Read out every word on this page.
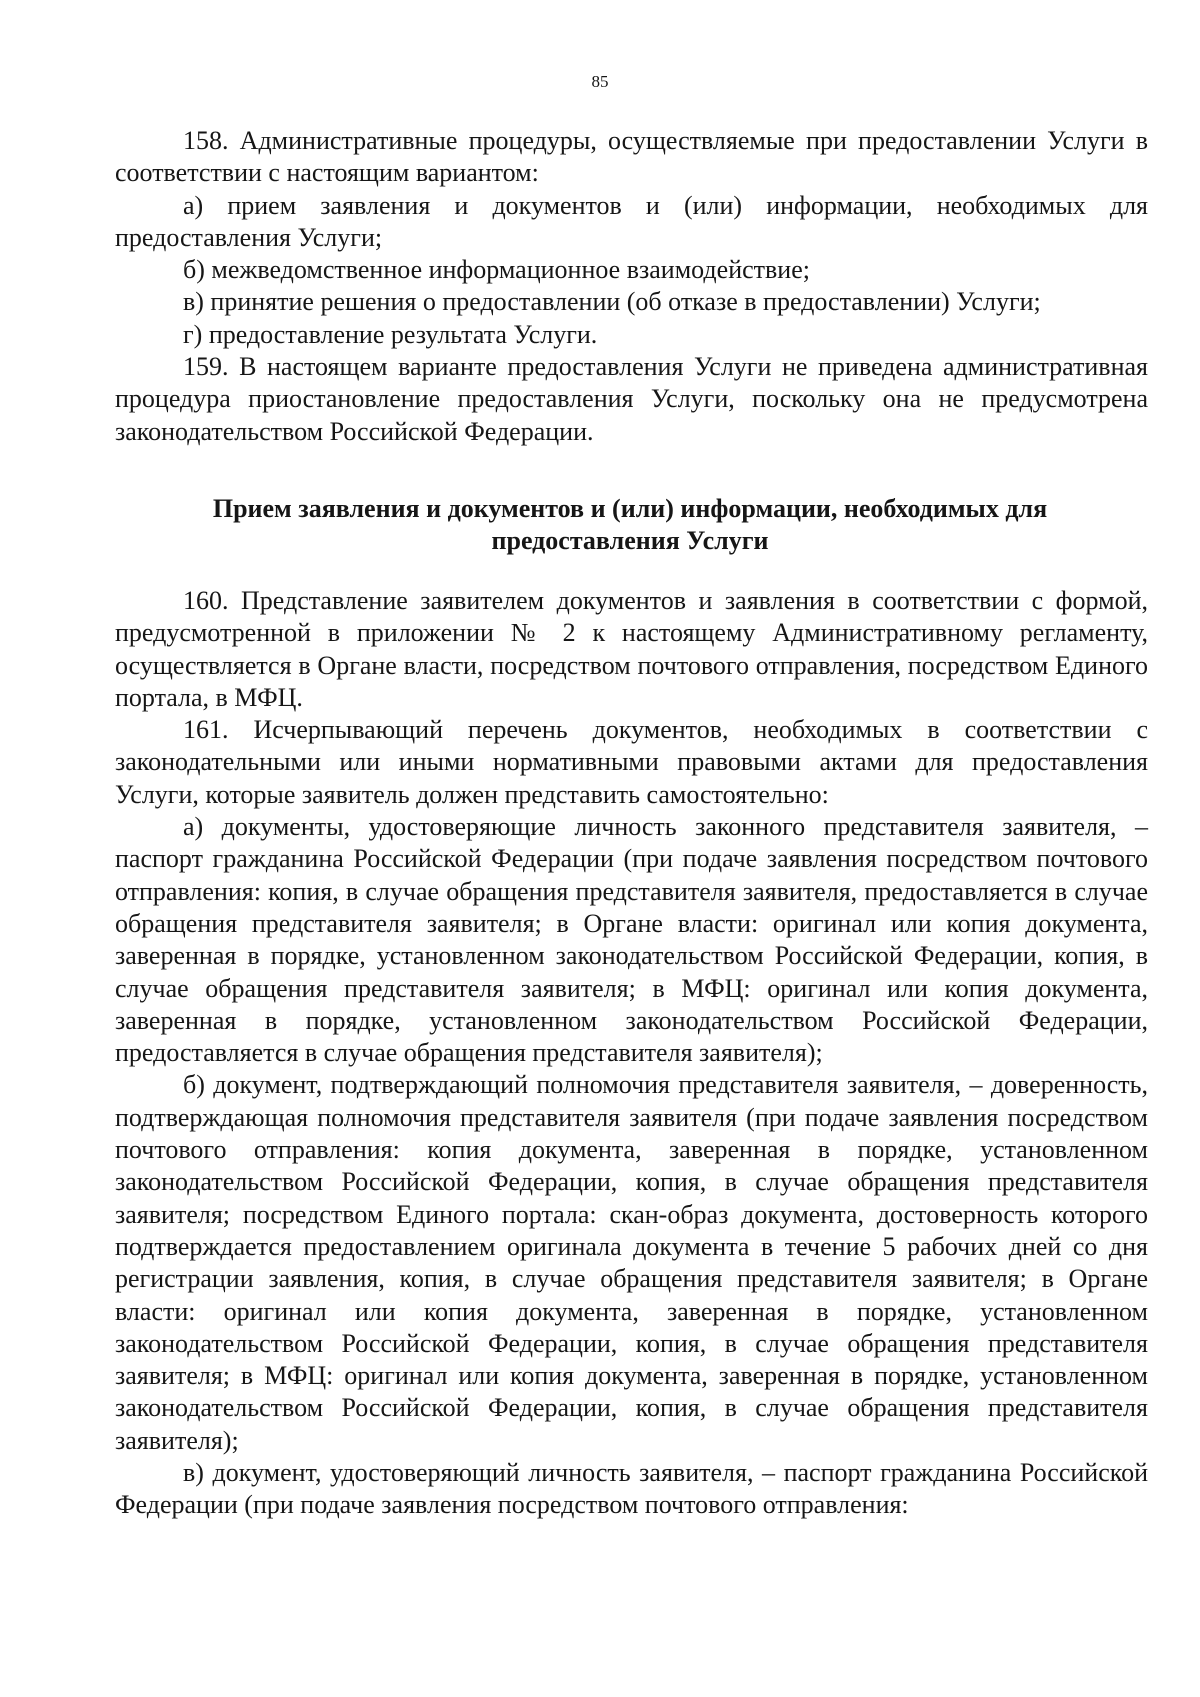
85

158. Административные процедуры, осуществляемые при предоставлении Услуги в соответствии с настоящим вариантом:

а) прием заявления и документов и (или) информации, необходимых для предоставления Услуги;

б) межведомственное информационное взаимодействие;

в) принятие решения о предоставлении (об отказе в предоставлении) Услуги;

г) предоставление результата Услуги.

159. В настоящем варианте предоставления Услуги не приведена административная процедура приостановление предоставления Услуги, поскольку она не предусмотрена законодательством Российской Федерации.

Прием заявления и документов и (или) информации, необходимых для предоставления Услуги

160. Представление заявителем документов и заявления в соответствии с формой, предусмотренной в приложении № 2 к настоящему Административному регламенту, осуществляется в Органе власти, посредством почтового отправления, посредством Единого портала, в МФЦ.

161. Исчерпывающий перечень документов, необходимых в соответствии с законодательными или иными нормативными правовыми актами для предоставления Услуги, которые заявитель должен представить самостоятельно:

а) документы, удостоверяющие личность законного представителя заявителя, – паспорт гражданина Российской Федерации (при подаче заявления посредством почтового отправления: копия, в случае обращения представителя заявителя, предоставляется в случае обращения представителя заявителя; в Органе власти: оригинал или копия документа, заверенная в порядке, установленном законодательством Российской Федерации, копия, в случае обращения представителя заявителя; в МФЦ: оригинал или копия документа, заверенная в порядке, установленном законодательством Российской Федерации, предоставляется в случае обращения представителя заявителя);

б) документ, подтверждающий полномочия представителя заявителя, – доверенность, подтверждающая полномочия представителя заявителя (при подаче заявления посредством почтового отправления: копия документа, заверенная в порядке, установленном законодательством Российской Федерации, копия, в случае обращения представителя заявителя; посредством Единого портала: скан-образ документа, достоверность которого подтверждается предоставлением оригинала документа в течение 5 рабочих дней со дня регистрации заявления, копия, в случае обращения представителя заявителя; в Органе власти: оригинал или копия документа, заверенная в порядке, установленном законодательством Российской Федерации, копия, в случае обращения представителя заявителя; в МФЦ: оригинал или копия документа, заверенная в порядке, установленном законодательством Российской Федерации, копия, в случае обращения представителя заявителя);

в) документ, удостоверяющий личность заявителя, – паспорт гражданина Российской Федерации (при подаче заявления посредством почтового отправления:
